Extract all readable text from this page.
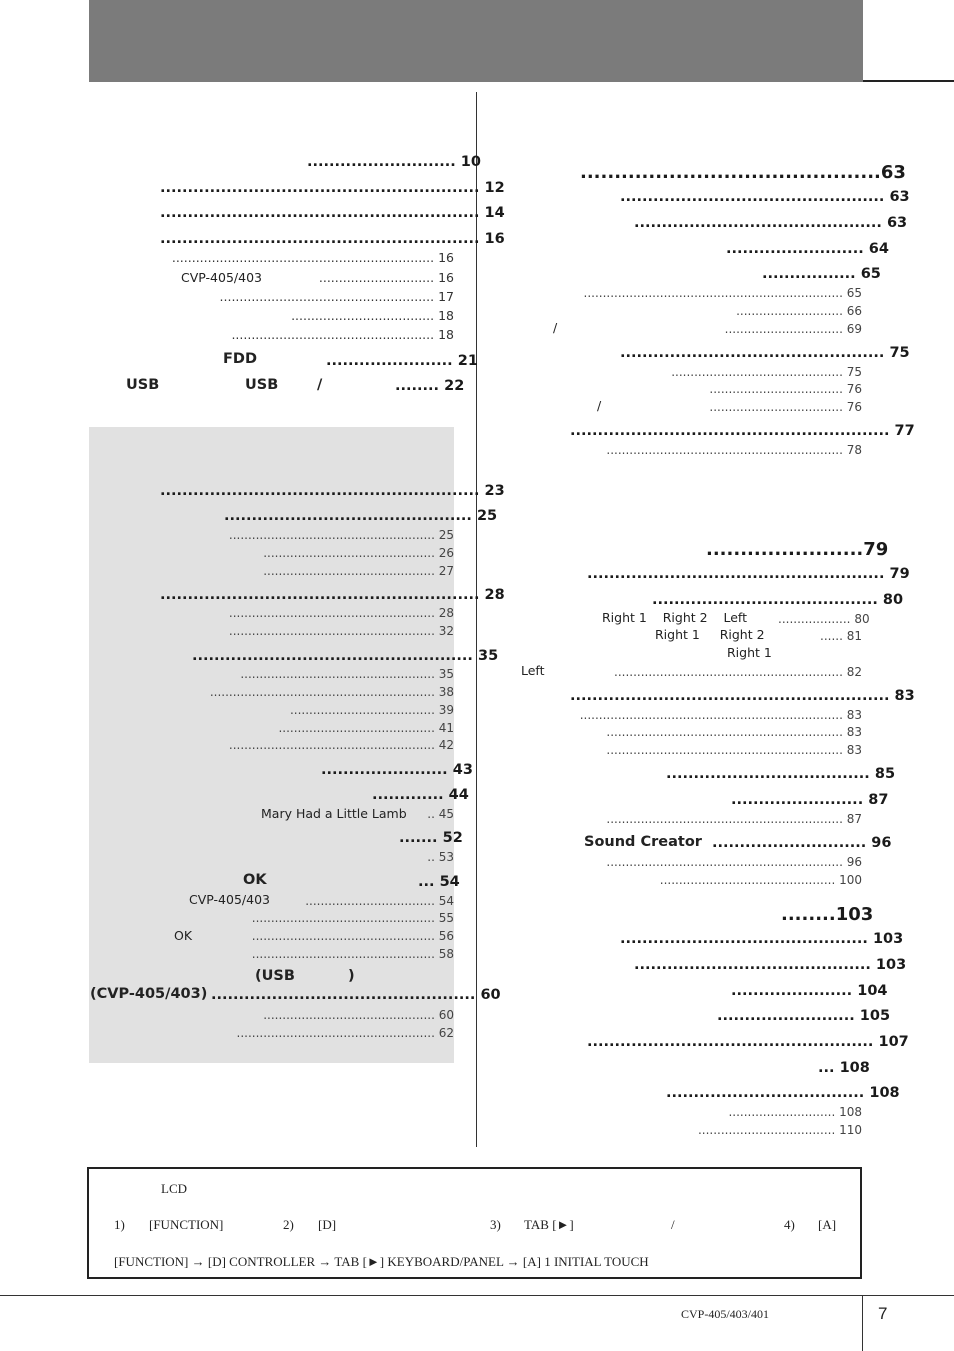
........................... 10
.......................................................... 12
.......................................................... 14
.......................................................... 16
.................................................................. 16
CVP-405/403	............................. 16
...................................................... 17
.................................... 18
................................................... 18
FDD	....................... 21
USB	USB	/	........ 22
.......................................................... 23
............................................. 25
...................................................... 25
............................................. 26
............................................. 27
.......................................................... 28
...................................................... 28
...................................................... 32
................................................... 35
................................................... 35
........................................................... 38
...................................... 39
......................................... 41
...................................................... 42
....................... 43
............. 44
Mary Had a Little Lamb	.. 45
....... 52
.. 53
OK	... 54
CVP-405/403	.................................. 54
................................................ 55
OK	................................................ 56
................................................ 58
(USB	)
(CVP-405/403) ................................................ 60
............................................. 60
.................................................... 62
............................................63
................................................ 63
............................................. 63
......................... 64
................. 65
.................................................................... 65
............................ 66
/	............................... 69
................................................ 75
............................................. 75
................................... 76
/	................................... 76
.......................................................... 77
.............................................................. 78
.......................79
...................................................... 79
......................................... 80
Right 1    Right 2    Left	................... 80
Right 1     Right 2	...... 81
Right 1
Left	............................................................ 82
.......................................................... 83
..................................................................... 83
.............................................................. 83
.............................................................. 83
..................................... 85
........................ 87
.............................................................. 87
Sound Creator ............................ 96
.............................................................. 96
.............................................. 100
........103
............................................. 103
........................................... 103
...................... 104
......................... 105
.................................................... 107
... 108
.................................... 108
............................ 108
.................................... 110
LCD
1) [FUNCTION]	2) [D]	3) TAB [►]	/	4) [A]
[FUNCTION] → [D] CONTROLLER → TAB [►] KEYBOARD/PANEL → [A] 1 INITIAL TOUCH
CVP-405/403/401	7
